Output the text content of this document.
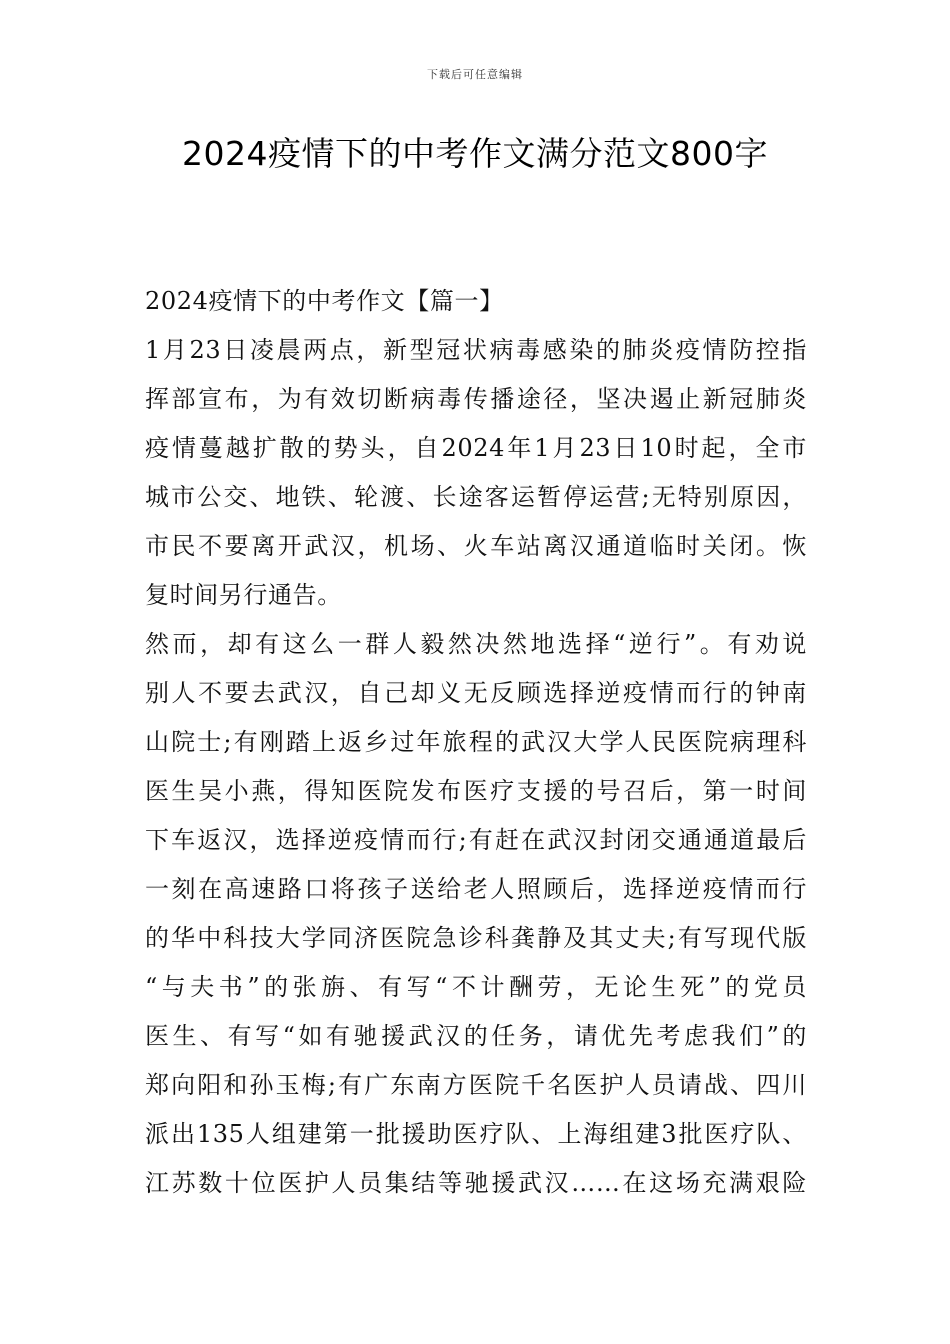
下载后可任意编辑
2024疫情下的中考作文满分范文800字
2024疫情下的中考作文【篇一】
1月23日凌晨两点，新型冠状病毒感染的肺炎疫情防控指
挥部宣布，为有效切断病毒传播途径，坚决遏止新冠肺炎
疫情蔓越扩散的势头，自2024年1月23日10时起，全市
城市公交、地铁、轮渡、长途客运暂停运营;无特别原因，
市民不要离开武汉，机场、火车站离汉通道临时关闭。恢
复时间另行通告。
然而，却有这么一群人毅然决然地选择“逆行”。有劝说
别人不要去武汉，自己却义无反顾选择逆疫情而行的钟南
山院士;有刚踏上返乡过年旅程的武汉大学人民医院病理科
医生吴小燕，得知医院发布医疗支援的号召后，第一时间
下车返汉，选择逆疫情而行;有赶在武汉封闭交通通道最后
一刻在高速路口将孩子送给老人照顾后，选择逆疫情而行
的华中科技大学同济医院急诊科龚静及其丈夫;有写现代版
“与夫书”的张旃、有写“不计酬劳，无论生死”的党员
医生、有写“如有驰援武汉的任务，请优先考虑我们”的
郑向阳和孙玉梅;有广东南方医院千名医护人员请战、四川
派出135人组建第一批援助医疗队、上海组建3批医疗队、
江苏数十位医护人员集结等驰援武汉……在这场充满艰险
